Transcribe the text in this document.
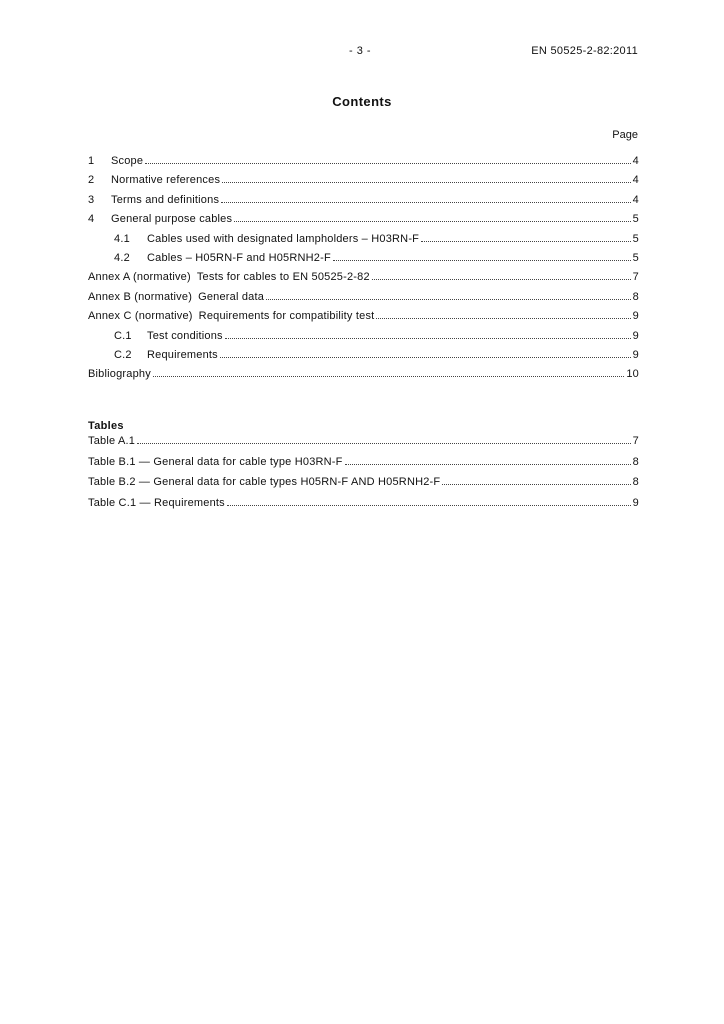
- 3 -	EN 50525-2-82:2011
Contents
Page
1	Scope	4
2	Normative references	4
3	Terms and definitions	4
4	General purpose cables	5
4.1	Cables used with designated lampholders – H03RN-F	5
4.2	Cables – H05RN-F and H05RNH2-F	5
Annex A (normative) Tests for cables to EN 50525-2-82	7
Annex B (normative) General data	8
Annex C (normative) Requirements for compatibility test	9
C.1	Test conditions	9
C.2	Requirements	9
Bibliography	10
Tables
Table A.1	7
Table B.1 — General data for cable type H03RN-F	8
Table B.2 — General data for cable types H05RN-F AND H05RNH2-F	8
Table C.1 — Requirements	9
